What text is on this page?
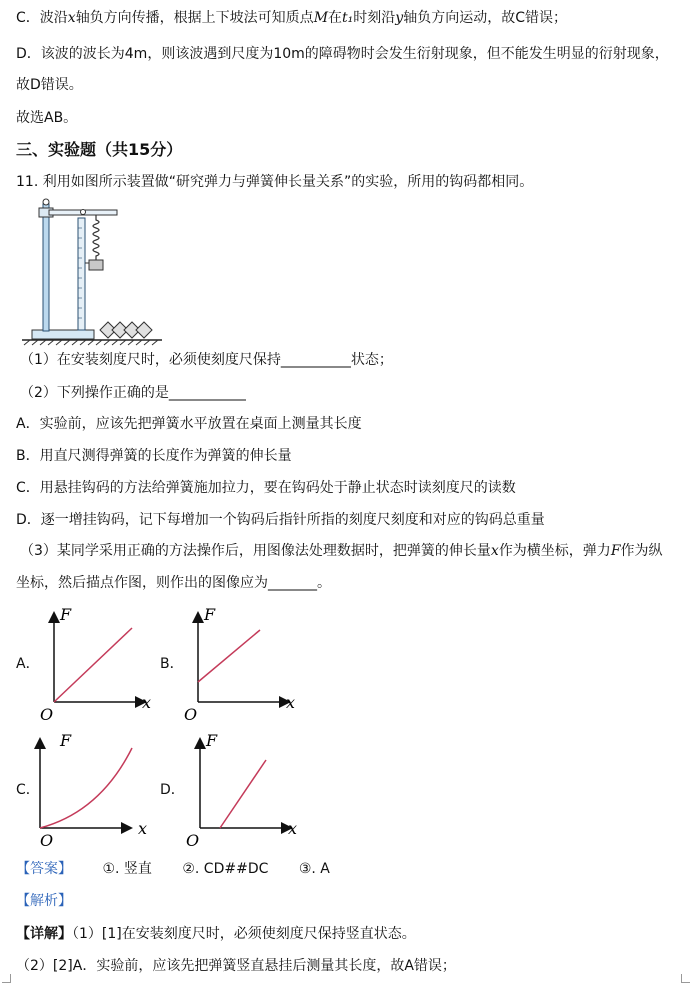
C．波沿x轴负方向传播，根据上下坡法可知质点M在t₁时刻沿y轴负方向运动，故C错误；
D．该波的波长为4m，则该波遇到尺度为10m的障碍物时会发生衍射现象，但不能发生明显的衍射现象，
故D错误。
故选AB。
三、实验题（共15分）
11. 利用如图所示装置做“研究弹力与弹簧伸长量关系”的实验，所用的钩码都相同。
（1）在安装刻度尺时，必须使刻度尺保持__________状态；
（2）下列操作正确的是___________
A．实验前，应该先把弹簧水平放置在桌面上测量其长度
B．用直尺测得弹簧的长度作为弹簧的伸长量
C．用悬挂钩码的方法给弹簧施加拉力，要在钩码处于静止状态时读刻度尺的读数
D．逐一增挂钩码，记下每增加一个钩码后指针所指的刻度尺刻度和对应的钩码总重量
（3）某同学采用正确的方法操作后，用图像法处理数据时，把弹簧的伸长量x作为横坐标，弹力F作为纵
坐标，然后描点作图，则作出的图像应为_______。
A．
F
x
O
B．
F
x
O
C．
F
x
O
D．
F
x
O
【答案】 ①. 竖直 ②. CD##DC ③. A
【解析】
【详解】（1）[1]在安装刻度尺时，必须使刻度尺保持竖直状态。
（2）[2]A．实验前，应该先把弹簧竖直悬挂后测量其长度，故A错误；
